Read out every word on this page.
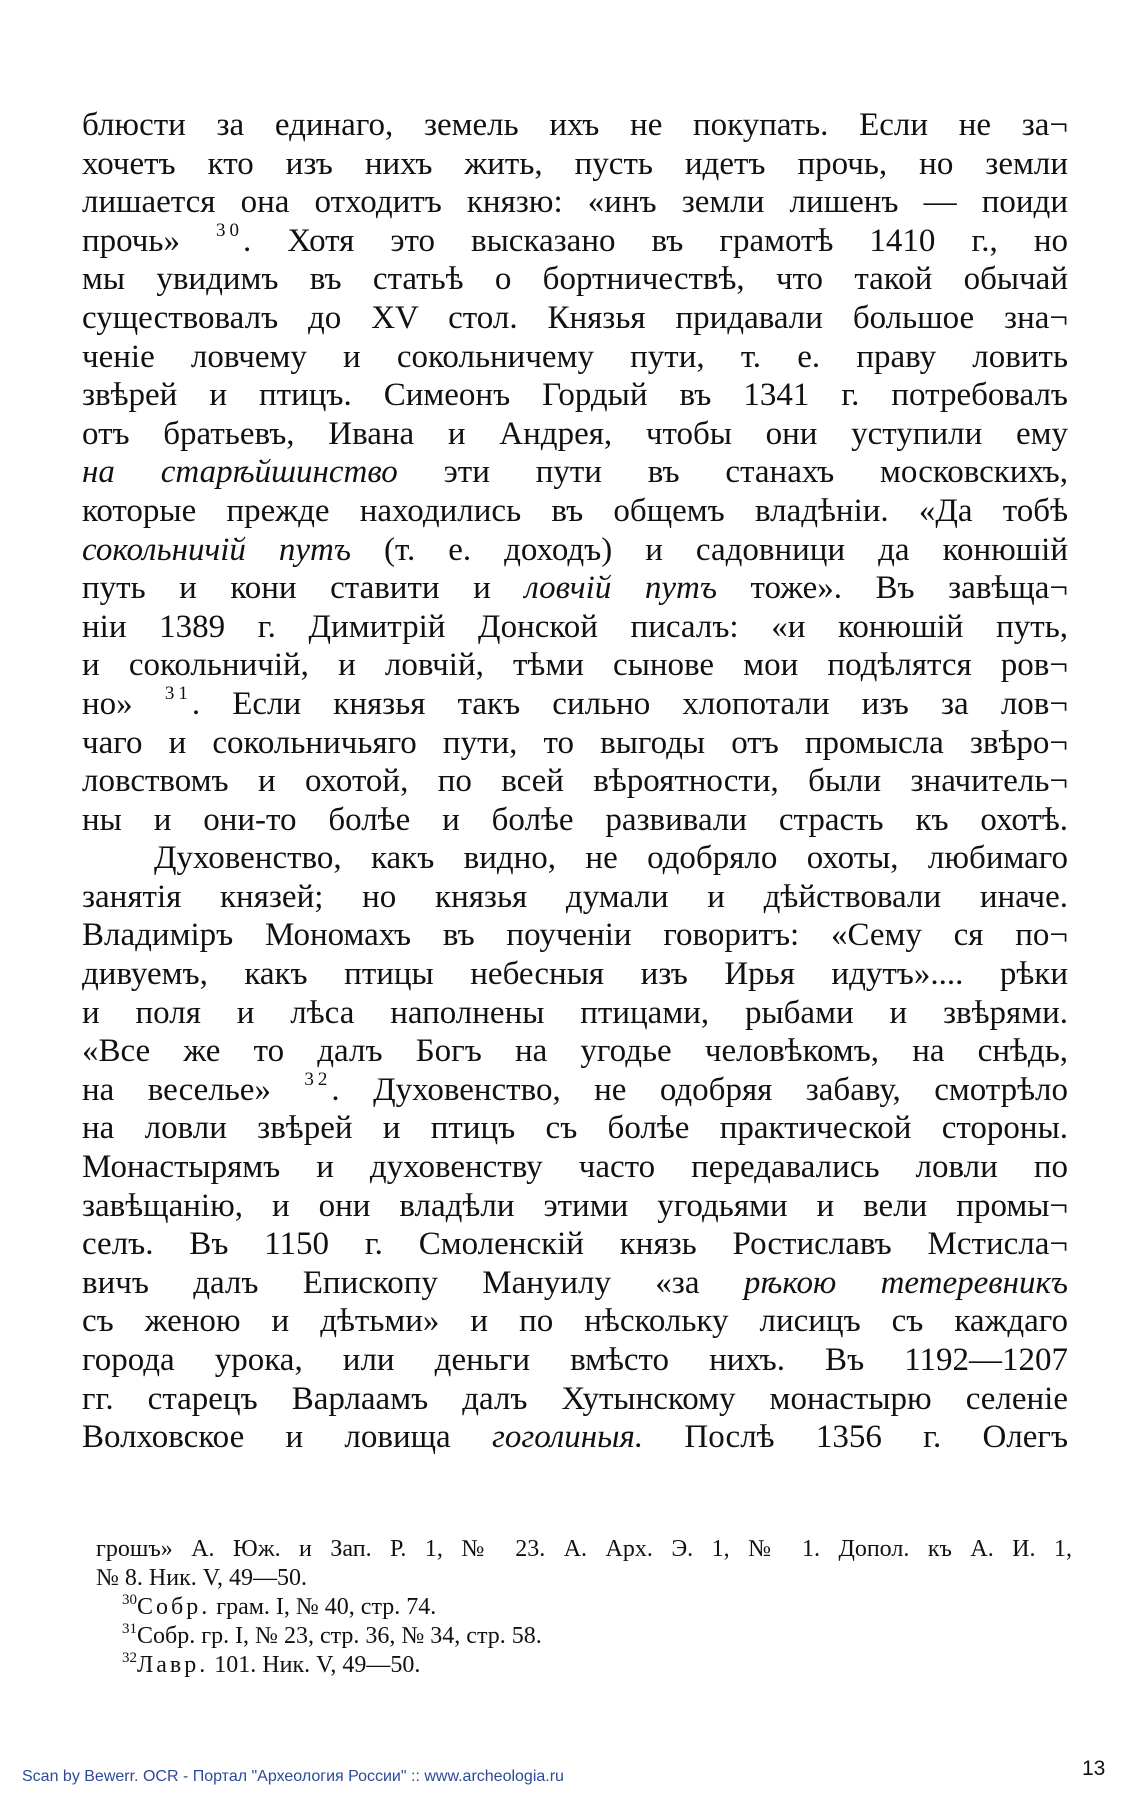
блюсти за единаго, земель ихъ не покупать. Если не за¬
хочетъ кто изъ нихъ жить, пусть идетъ прочь, но земли
лишается она отходитъ князю: «инъ земли лишенъ — поиди
прочь» $^{30}$. Хотя это высказано въ грамотѣ 1410 г., но
мы увидимъ въ статьѣ о бортничествѣ, что такой обычай
существовалъ до XV стол. Князья придавали большое зна¬
ченіе ловчему и сокольничему пути, т. е. праву ловить
звѣрей и птицъ. Симеонъ Гордый въ 1341 г. потребовалъ
отъ братьевъ, Ивана и Андрея, чтобы они уступили ему
на старѣйшинство эти пути въ станахъ московскихъ,
которые прежде находились въ общемъ владѣніи. «Да тобѣ
сокольничій путъ (т. е. доходъ) и садовници да конюшій
путь и кони ставити и ловчій путъ тоже». Въ завѣща¬
ніи 1389 г. Димитрій Донской писалъ: «и конюшій путь,
и сокольничій, и ловчій, тѣми сынове мои подѣлятся ров¬
но» $^{31}$. Если князья такъ сильно хлопотали изъ за лов¬
чаго и сокольничьяго пути, то выгоды отъ промысла звѣро¬
ловствомъ и охотой, по всей вѣроятности, были значитель¬
ны и они-то болѣе и болѣе развивали страсть къ охотѣ.
Духовенство, какъ видно, не одобряло охоты, любимаго
занятія князей; но князья думали и дѣйствовали иначе.
Владиміръ Мономахъ въ поученіи говоритъ: «Сему ся по¬
дивуемъ, какъ птицы небесныя изъ Ирья идутъ».... рѣки
и поля и лѣса наполнены птицами, рыбами и звѣрями.
«Все же то далъ Богъ на угодье человѣкомъ, на снѣдь,
на веселье» $^{32}$. Духовенство, не одобряя забаву, смотрѣло
на ловли звѣрей и птицъ съ болѣе практической стороны.
Монастырямъ и духовенству часто передавались ловли по
завѣщанію, и они владѣли этими угодьями и вели промы¬
селъ. Въ 1150 г. Смоленскій князь Ростиславъ Мстисла¬
вичъ далъ Епископу Мануилу «за рѣкою тетеревникъ
съ женою и дѣтьми» и по нѣскольку лисицъ съ каждаго
города урока, или деньги вмѣсто нихъ. Въ 1192—1207
гг. старецъ Варлаамъ далъ Хутынскому монастырю селеніе
Волховское и ловища гоголиныя. Послѣ 1356 г. Олегъ
грошъ» А. Юж. и Зап. Р. 1, № 23. А. Арх. Э. 1, № 1. Допол. къ А. И. 1,
№ 8. Ник. V, 49—50.
$^{30}$Собр. грам. I, № 40, стр. 74.
$^{31}$Собр. гр. I, № 23, стр. 36, № 34, стр. 58.
$^{32}$Лавр. 101. Ник. V, 49—50.
Scan by Bewerr. OCR - Портал "Археология России" :: www.archeologia.ru	13
